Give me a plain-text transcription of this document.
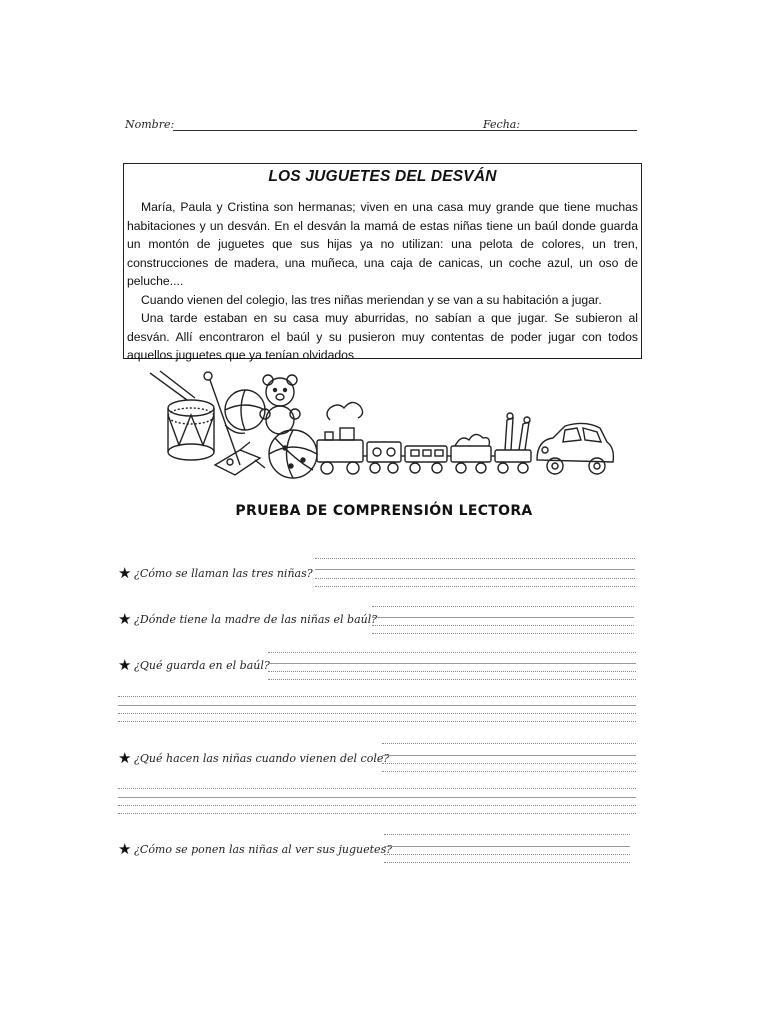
Nombre:	Fecha:
LOS JUGUETES DEL DESVÁN

María, Paula y Cristina son hermanas; viven en una casa muy grande que tiene muchas habitaciones y un desván. En el desván la mamá de estas niñas tiene un baúl donde guarda un montón de juguetes que sus hijas ya no utilizan: una pelota de colores, un tren, construcciones de madera, una muñeca, una caja de canicas, un coche azul, un oso de peluche....

Cuando vienen del colegio, las tres niñas meriendan y se van a su habitación a jugar.

Una tarde estaban en su casa muy aburridas, no sabían a que jugar. Se subieron al desván. Allí encontraron el baúl y su pusieron muy contentas de poder jugar con todos aquellos juguetes que ya tenían olvidados

PRUEBA DE COMPRENSIÓN LECTORA
★ ¿Cómo se llaman las tres niñas?
★ ¿Dónde tiene la madre de las niñas el baúl?
★ ¿Qué guarda en el baúl?
★ ¿Qué hacen las niñas cuando vienen del cole?
★ ¿Cómo se ponen las niñas al ver sus juguetes?
